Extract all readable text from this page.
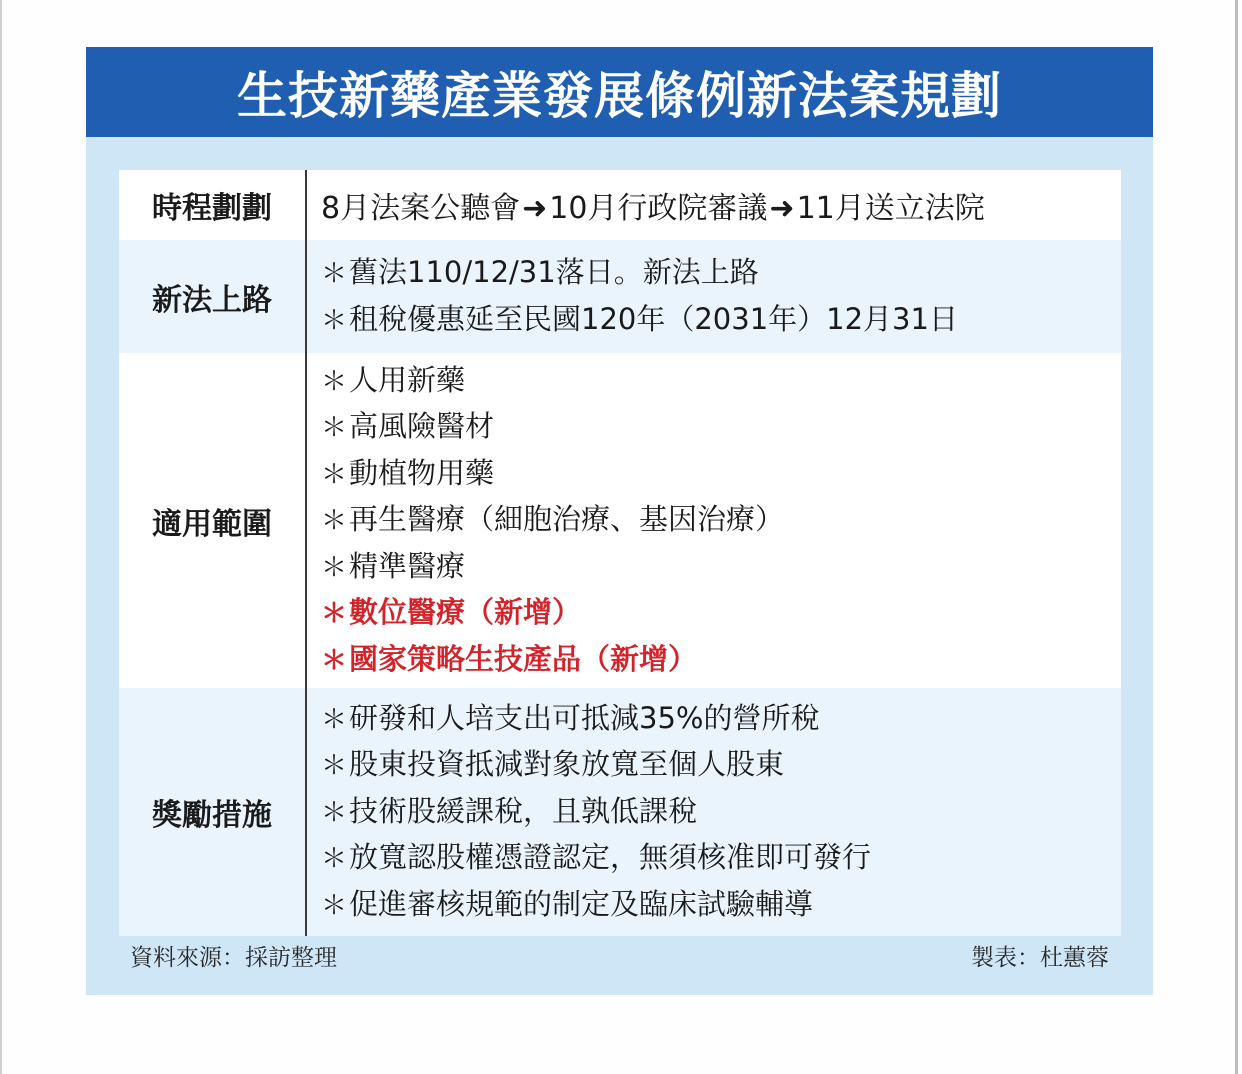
生技新藥產業發展條例新法案規劃
時程劃劃	8月法案公聽會➜10月行政院審議➜11月送立法院
新法上路
＊舊法110/12/31落日。新法上路
＊租稅優惠延至民國120年（2031年）12月31日
適用範圍
＊人用新藥
＊高風險醫材
＊動植物用藥
＊再生醫療（細胞治療、基因治療）
＊精準醫療
＊數位醫療（新增）
＊國家策略生技產品（新增）
獎勵措施
＊研發和人培支出可抵減35%的營所稅
＊股東投資抵減對象放寬至個人股東
＊技術股緩課稅，且孰低課稅
＊放寬認股權憑證認定，無須核准即可發行
＊促進審核規範的制定及臨床試驗輔導
資料來源：採訪整理	製表：杜蕙蓉
